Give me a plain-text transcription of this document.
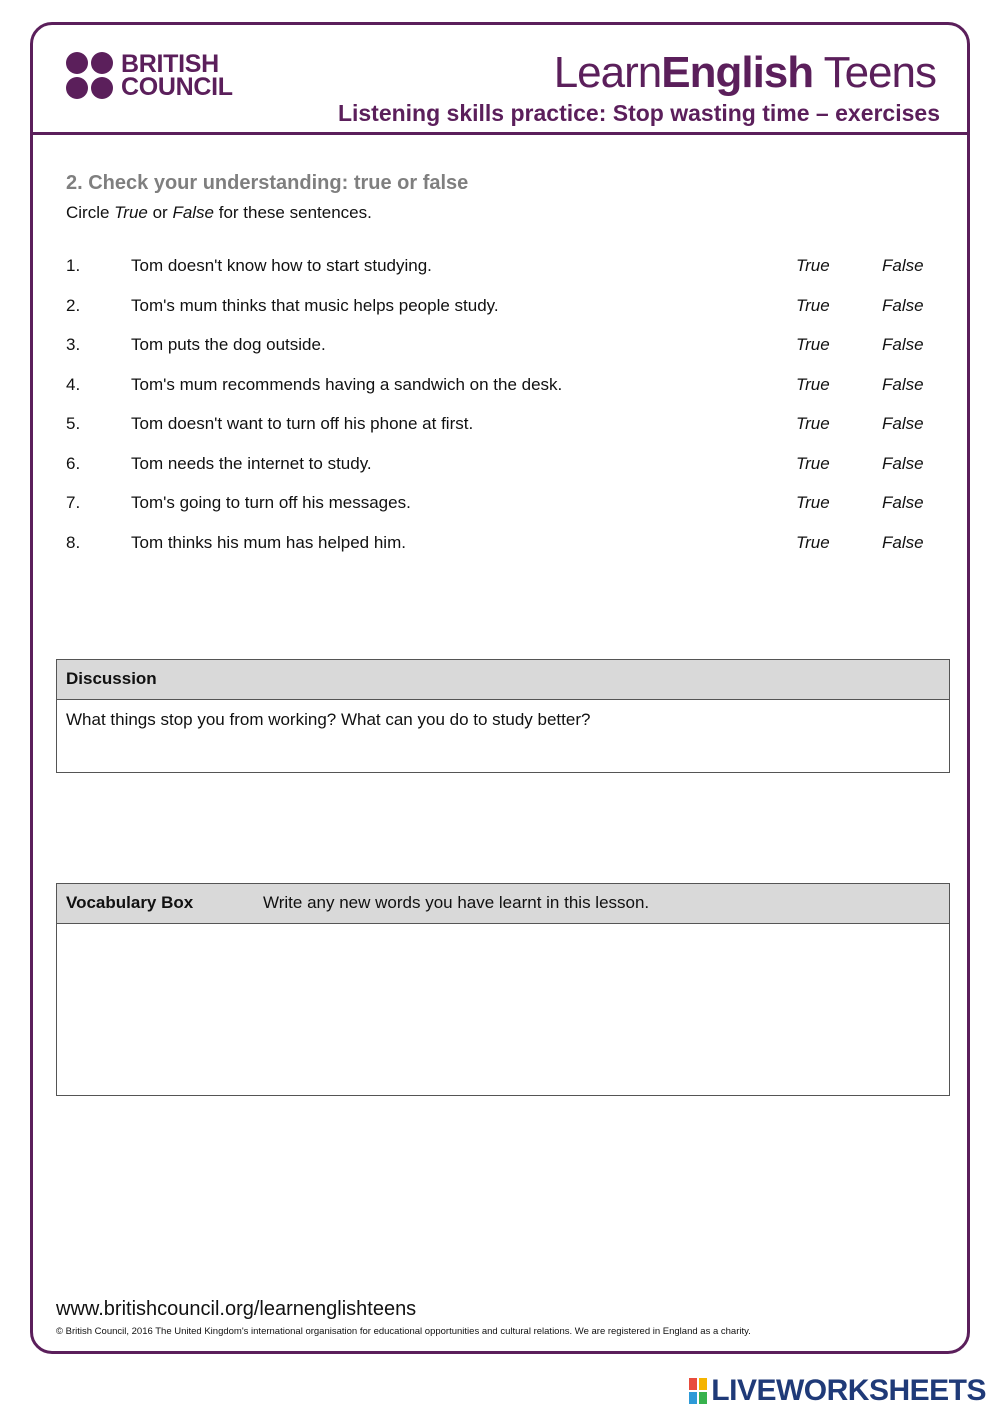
BRITISH
COUNCIL	LearnEnglish Teens
Listening skills practice: Stop wasting time – exercises
2. Check your understanding: true or false
Circle True or False for these sentences.
1.	Tom doesn't know how to start studying.	True	False
2.	Tom's mum thinks that music helps people study.	True	False
3.	Tom puts the dog outside.	True	False
4.	Tom's mum recommends having a sandwich on the desk.	True	False
5.	Tom doesn't want to turn off his phone at first.	True	False
6.	Tom needs the internet to study.	True	False
7.	Tom's going to turn off his messages.	True	False
8.	Tom thinks his mum has helped him.	True	False
Discussion
What things stop you from working? What can you do to study better?
Vocabulary Box	Write any new words you have learnt in this lesson.
www.britishcouncil.org/learnenglishteens
© British Council, 2016 The United Kingdom's international organisation for educational opportunities and cultural relations. We are registered in England as a charity.
LIVEWORKSHEETS
